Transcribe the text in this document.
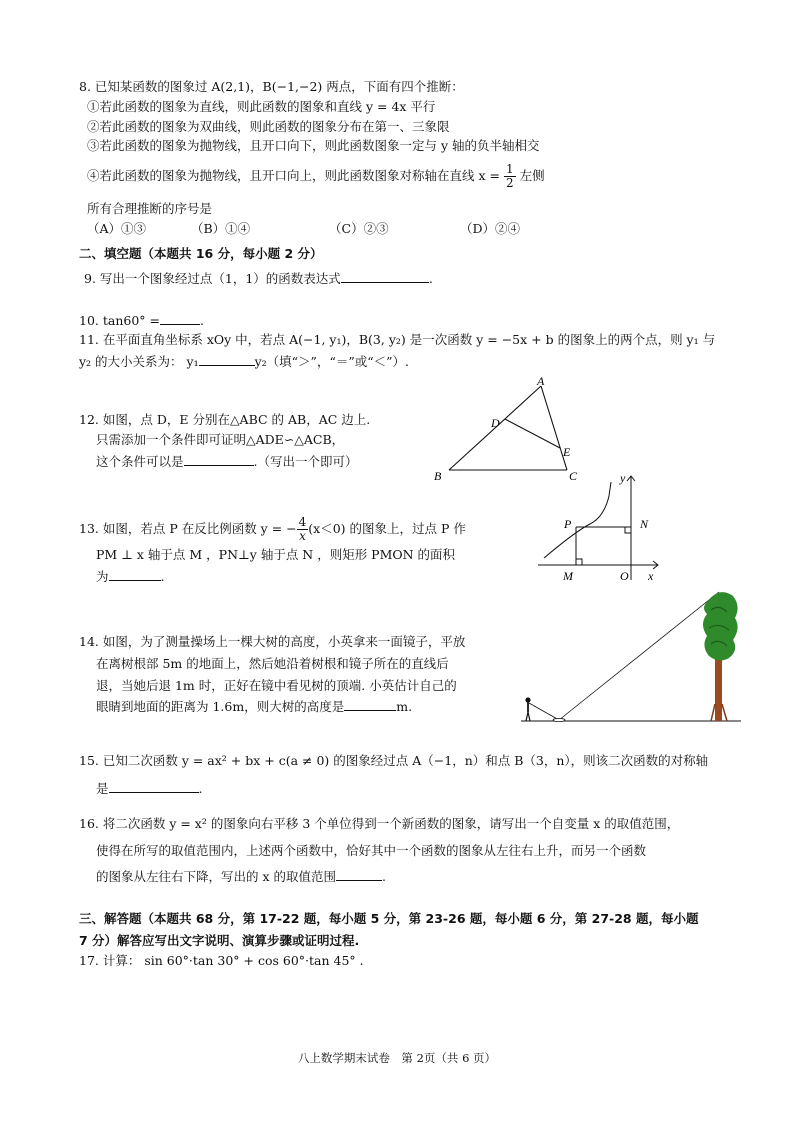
8. 已知某函数的图象过 A(2,1)，B(−1,−2) 两点，下面有四个推断：
①若此函数的图象为直线，则此函数的图象和直线 y = 4x 平行
②若此函数的图象为双曲线，则此函数的图象分布在第一、三象限
③若此函数的图象为抛物线，且开口向下，则此函数图象一定与 y 轴的负半轴相交
④若此函数的图象为抛物线，且开口向上，则此函数图象对称轴在直线 $x = \frac{1}{2}$ 左侧
所有合理推断的序号是
（A）①③	（B）①④	（C）②③	（D）②④
二、填空题（本题共 16 分，每小题 2 分）
9. 写出一个图象经过点（1，1）的函数表达式	.
10. tan60° =	.
11. 在平面直角坐标系 xOy 中，若点 A(−1, y₁)，B(3, y₂) 是一次函数 y = −5x + b 的图象上的两个点，则 y₁ 与
y₂ 的大小关系为： y₁	y₂（填“＞”，“＝”或“＜”）.
12. 如图，点 D，E 分别在△ABC 的 AB，AC 边上.
只需添加一个条件即可证明△ADE∽△ACB，
这个条件可以是	.（写出一个即可）
A
B	C
D
E
13. 如图，若点 P 在反比例函数 y = − $\frac{4}{x} (x<0)$ 的图象上，过点 P 作
PM ⊥ x 轴于点 M ，PN⊥y 轴于点 N ，则矩形 PMON 的面积
为	.
y
x
P	N
M	O
14. 如图，为了测量操场上一棵大树的高度，小英拿来一面镜子，平放
在离树根部 5m 的地面上，然后她沿着树根和镜子所在的直线后
退，当她后退 1m 时，正好在镜中看见树的顶端. 小英估计自己的
眼睛到地面的距离为 1.6m，则大树的高度是	m.
15. 已知二次函数 y = ax² + bx + c(a ≠ 0) 的图象经过点 A（−1，n）和点 B（3，n），则该二次函数的对称轴
是	.
16. 将二次函数 y = x² 的图象向右平移 3 个单位得到一个新函数的图象，请写出一个自变量 x 的取值范围，
使得在所写的取值范围内，上述两个函数中，恰好其中一个函数的图象从左往右上升，而另一个函数
的图象从左往右下降，写出的 x 的取值范围	.
三、解答题（本题共 68 分，第 17-22 题，每小题 5 分，第 23-26 题，每小题 6 分，第 27-28 题，每小题
7 分）解答应写出文字说明、演算步骤或证明过程.
17. 计算： sin 60°·tan 30° + cos 60°·tan 45° .
八上数学期末试卷　第 2页（共 6 页）
